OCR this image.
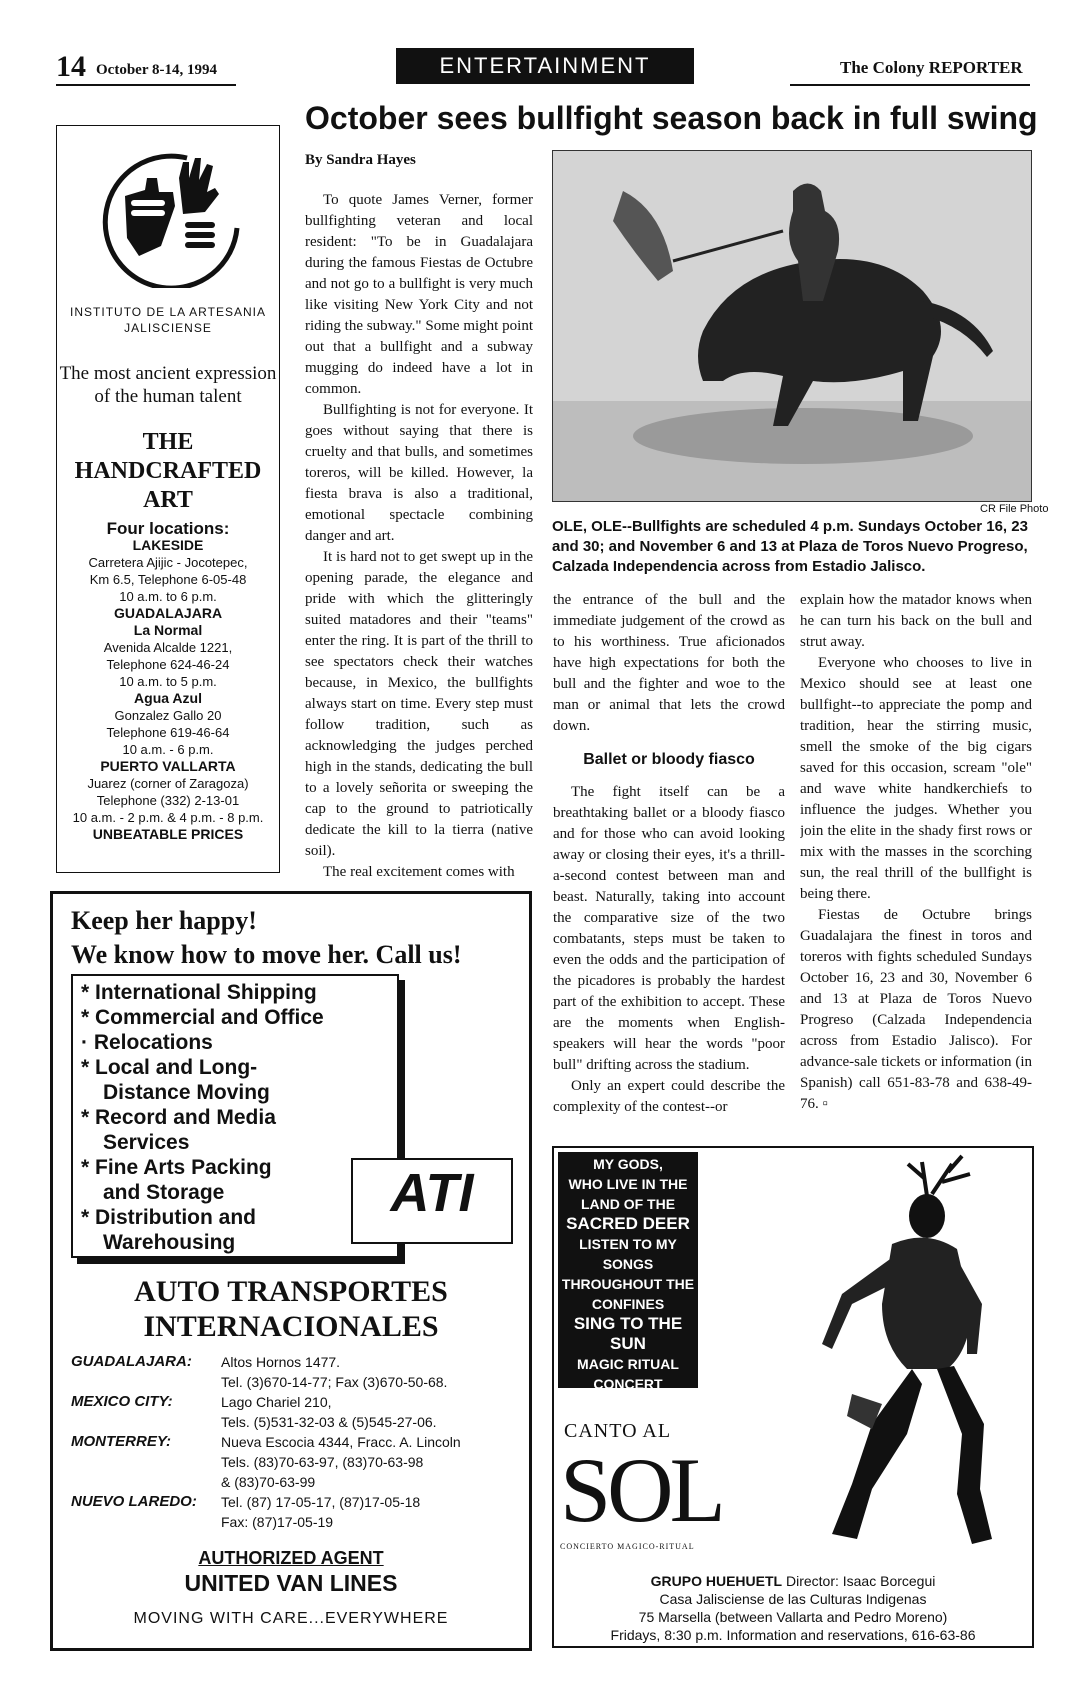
14 October 8-14, 1994	ENTERTAINMENT	The Colony REPORTER
October sees bullfight season back in full swing
By Sandra Hayes

To quote James Verner, former bullfighting veteran and local resident: "To be in Guadalajara during the famous Fiestas de Octubre and not go to a bullfight is very much like visiting New York City and not riding the subway." Some might point out that a bullfight and a subway mugging do indeed have a lot in common.

Bullfighting is not for everyone. It goes without saying that there is cruelty and that bulls, and sometimes toreros, will be killed. However, la fiesta brava is also a traditional, emotional spectacle combining danger and art.

It is hard not to get swept up in the opening parade, the elegance and pride with which the glitteringly suited matadores and their "teams" enter the ring. It is part of the thrill to see spectators check their watches because, in Mexico, the bullfights always start on time. Every step must follow tradition, such as acknowledging the judges perched high in the stands, dedicating the bull to a lovely señorita or sweeping the cap to the ground to patriotically dedicate the kill to la tierra (native soil).

The real excitement comes with

the entrance of the bull and the immediate judgement of the crowd as to his worthiness. True aficionados have high expectations for both the bull and the fighter and woe to the man or animal that lets the crowd down.

Ballet or bloody fiasco

The fight itself can be a breathtaking ballet or a bloody fiasco and for those who can avoid looking away or closing their eyes, it's a thrill-a-second contest between man and beast. Naturally, taking into account the comparative size of the two combatants, steps must be taken to even the odds and the participation of the picadores is probably the hardest part of the exhibition to accept. These are the moments when English-speakers will hear the words "poor bull" drifting across the stadium.

Only an expert could describe the complexity of the contest--or

explain how the matador knows when he can turn his back on the bull and strut away.

Everyone who chooses to live in Mexico should see at least one bullfight--to appreciate the pomp and tradition, hear the stirring music, smell the smoke of the big cigars saved for this occasion, scream "ole" and wave white handkerchiefs to influence the judges. Whether you join the elite in the shady first rows or mix with the masses in the scorching sun, the real thrill of the bullfight is being there.

Fiestas de Octubre brings Guadalajara the finest in toros and toreros with fights scheduled Sundays October 16, 23 and 30, November 6 and 13 at Plaza de Toros Nuevo Progreso (Calzada Independencia across from Estadio Jalisco). For advance-sale tickets or information (in Spanish) call 651-83-78 and 638-49-76. ▫

CR File Photo
OLE, OLE--Bullfights are scheduled 4 p.m. Sundays October 16, 23 and 30; and November 6 and 13 at Plaza de Toros Nuevo Progreso, Calzada Independencia across from Estadio Jalisco.
INSTITUTO DE LA ARTESANIA JALISCIENSE
The most ancient expression of the human talent
THE
HANDCRAFTED
ART
Four locations:
LAKESIDE
Carretera Ajijic - Jocotepec,
Km 6.5, Telephone 6-05-48
10 a.m. to 6 p.m.
GUADALAJARA
La Normal
Avenida Alcalde 1221,
Telephone 624-46-24
10 a.m. to 5 p.m.
Agua Azul
Gonzalez Gallo 20
Telephone 619-46-64
10 a.m. - 6 p.m.
PUERTO VALLARTA
Juarez (corner of Zaragoza)
Telephone (332) 2-13-01
10 a.m. - 2 p.m. & 4 p.m. - 8 p.m.
UNBEATABLE PRICES
Keep her happy!
We know how to move her. Call us!
* International Shipping
* Commercial and Office
· Relocations
* Local and Long-
Distance Moving
* Record and Media
Services
* Fine Arts Packing
and Storage
* Distribution and
Warehousing
ATI
AUTO TRANSPORTES
INTERNACIONALES
GUADALAJARA:	Altos Hornos 1477.
Tel. (3)670-14-77; Fax (3)670-50-68.
MEXICO CITY:	Lago Chariel 210,
Tels. (5)531-32-03 & (5)545-27-06.
MONTERREY:	Nueva Escocia 4344, Fracc. A. Lincoln
Tels. (83)70-63-97, (83)70-63-98
& (83)70-63-99
NUEVO LAREDO:	Tel. (87) 17-05-17, (87)17-05-18
Fax: (87)17-05-19
AUTHORIZED AGENT
UNITED VAN LINES
MOVING WITH CARE...EVERYWHERE
MY GODS,
WHO LIVE IN THE
LAND OF THE
SACRED DEER
LISTEN TO MY
SONGS
THROUGHOUT THE
CONFINES
SING TO THE SUN
MAGIC RITUAL
CONCERT
CANTO AL
SOL
CONCIERTO MAGICO-RITUAL
GRUPO HUEHUETL Director: Isaac Borcegui
Casa Jalisciense de las Culturas Indigenas
75 Marsella (between Vallarta and Pedro Moreno)
Fridays, 8:30 p.m. Information and reservations, 616-63-86
